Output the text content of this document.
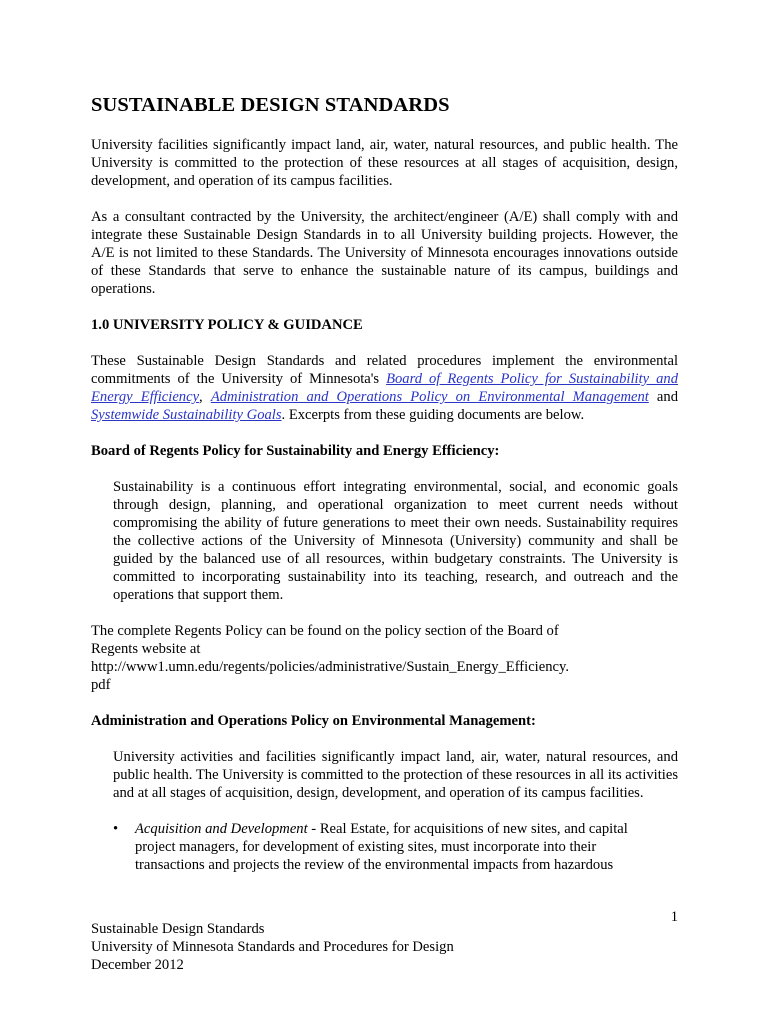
SUSTAINABLE DESIGN STANDARDS

University facilities significantly impact land, air, water, natural resources, and public health. The University is committed to the protection of these resources at all stages of acquisition, design, development, and operation of its campus facilities.

As a consultant contracted by the University, the architect/engineer (A/E) shall comply with and integrate these Sustainable Design Standards in to all University building projects. However, the A/E is not limited to these Standards. The University of Minnesota encourages innovations outside of these Standards that serve to enhance the sustainable nature of its campus, buildings and operations.

1.0 UNIVERSITY POLICY & GUIDANCE

These Sustainable Design Standards and related procedures implement the environmental commitments of the University of Minnesota's Board of Regents Policy for Sustainability and Energy Efficiency, Administration and Operations Policy on Environmental Management and Systemwide Sustainability Goals. Excerpts from these guiding documents are below.

Board of Regents Policy for Sustainability and Energy Efficiency:
Sustainability is a continuous effort integrating environmental, social, and economic goals through design, planning, and operational organization to meet current needs without compromising the ability of future generations to meet their own needs. Sustainability requires the collective actions of the University of Minnesota (University) community and shall be guided by the balanced use of all resources, within budgetary constraints. The University is committed to incorporating sustainability into its teaching, research, and outreach and the operations that support them.

The complete Regents Policy can be found on the policy section of the Board of
Regents website at
http://www1.umn.edu/regents/policies/administrative/Sustain_Energy_Efficiency.
pdf

Administration and Operations Policy on Environmental Management:
University activities and facilities significantly impact land, air, water, natural resources, and public health. The University is committed to the protection of these resources in all its activities and at all stages of acquisition, design, development, and operation of its campus facilities.
• Acquisition and Development - Real Estate, for acquisitions of new sites, and capital
project managers, for development of existing sites, must incorporate into their
transactions and projects the review of the environmental impacts from hazardous
1
Sustainable Design Standards
University of Minnesota Standards and Procedures for Design
December 2012
